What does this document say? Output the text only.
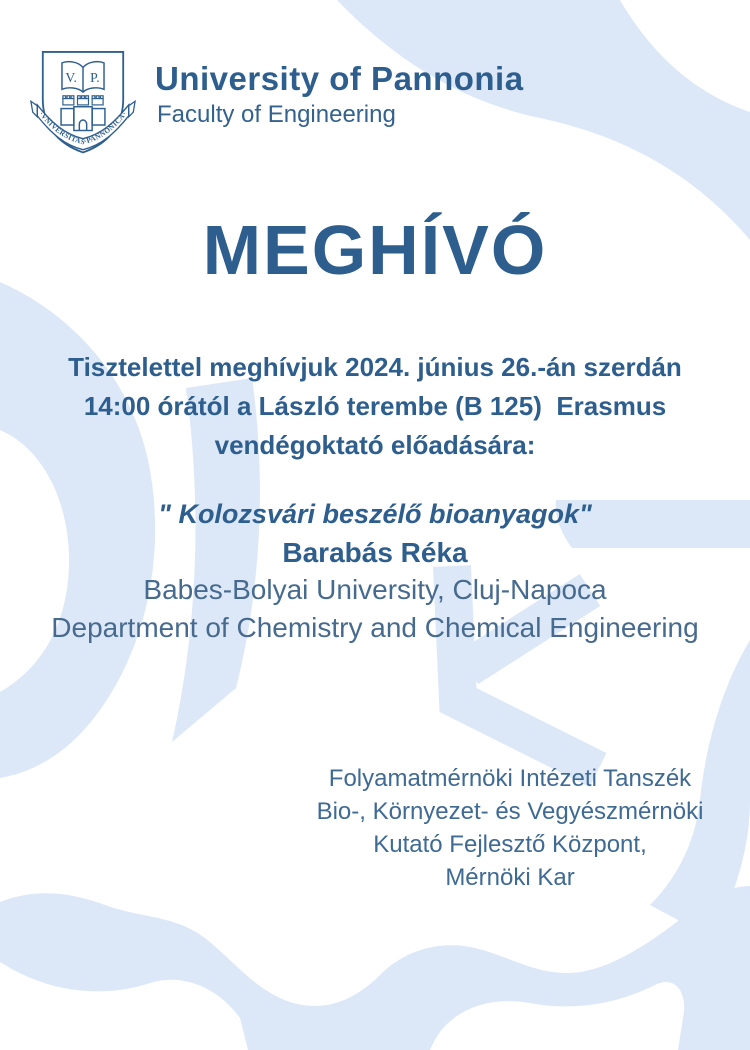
·VNIVERSITAS·PANNONICA·
V. P. University of Pannonia
Faculty of Engineering
MEGHÍVÓ
Tisztelettel meghívjuk 2024. június 26.-án szerdán
14:00 órától a László terembe (B 125)  Erasmus
vendégoktató előadására:

" Kolozsvári beszélő bioanyagok"

Barabás Réka

Babes-Bolyai University, Cluj-Napoca

Department of Chemistry and Chemical Engineering

Folyamatmérnöki Intézeti Tanszék
Bio-, Környezet- és Vegyészmérnöki
Kutató Fejlesztő Központ,
Mérnöki Kar
